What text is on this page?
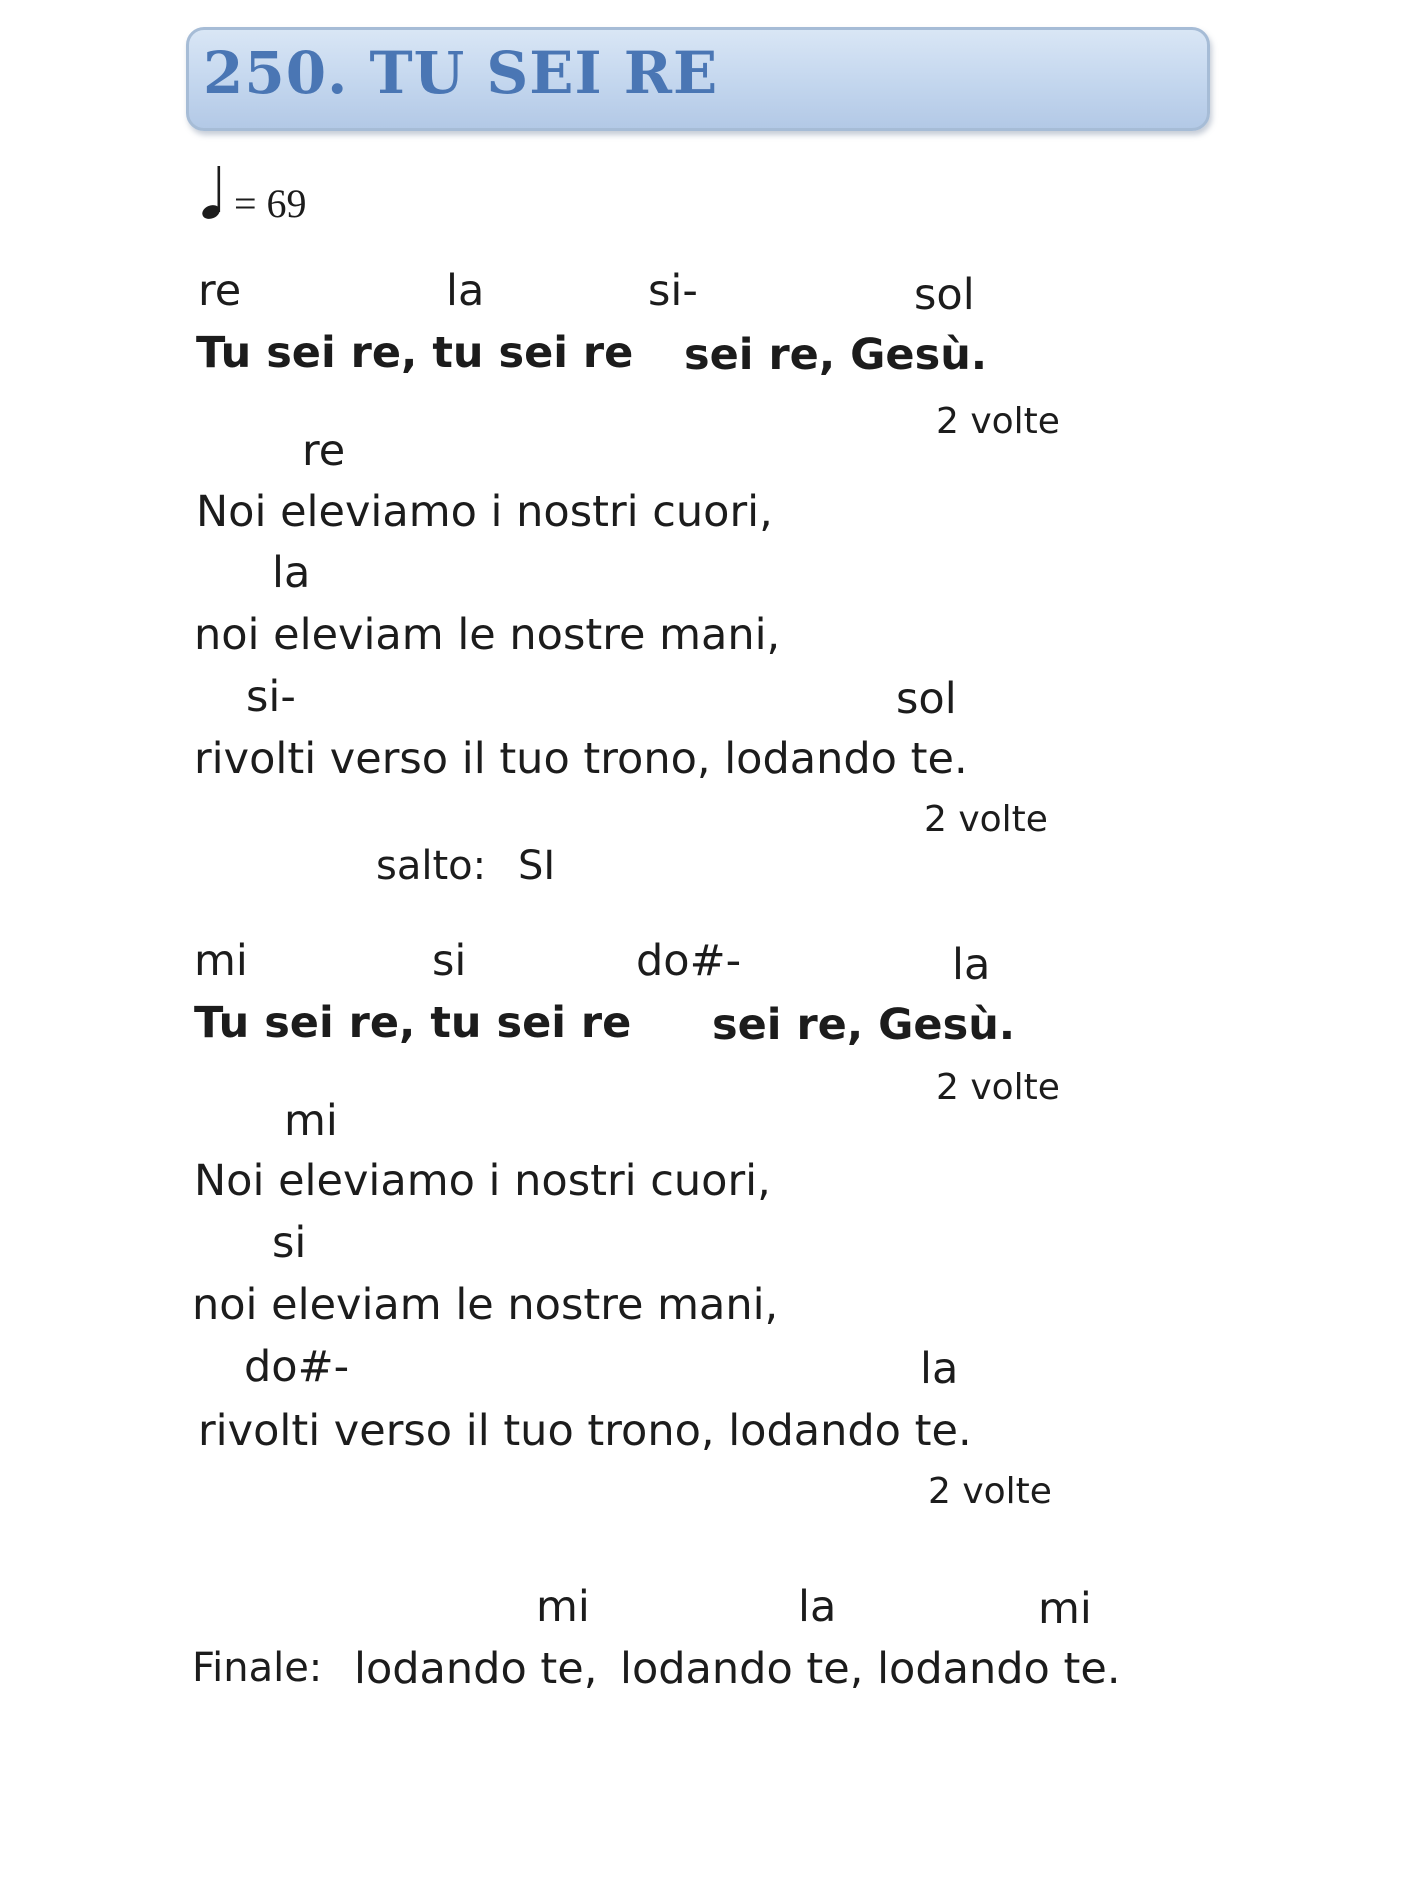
250. TU SEI RE
= 69
re	la	si-	sol
Tu sei re, tu sei re sei re, Gesù.
2 volte
re
Noi eleviamo i nostri cuori,
la
noi eleviam le nostre mani,
si-	sol
rivolti verso il tuo trono, lodando te.
2 volte
salto: SI
mi	si	do#-	la
Tu sei re, tu sei re sei re, Gesù.
2 volte
mi
Noi eleviamo i nostri cuori,
si
noi eleviam le nostre mani,
do#-	la
rivolti verso il tuo trono, lodando te.
2 volte
mi	la	mi
Finale: lodando te, lodando te, lodando te.
